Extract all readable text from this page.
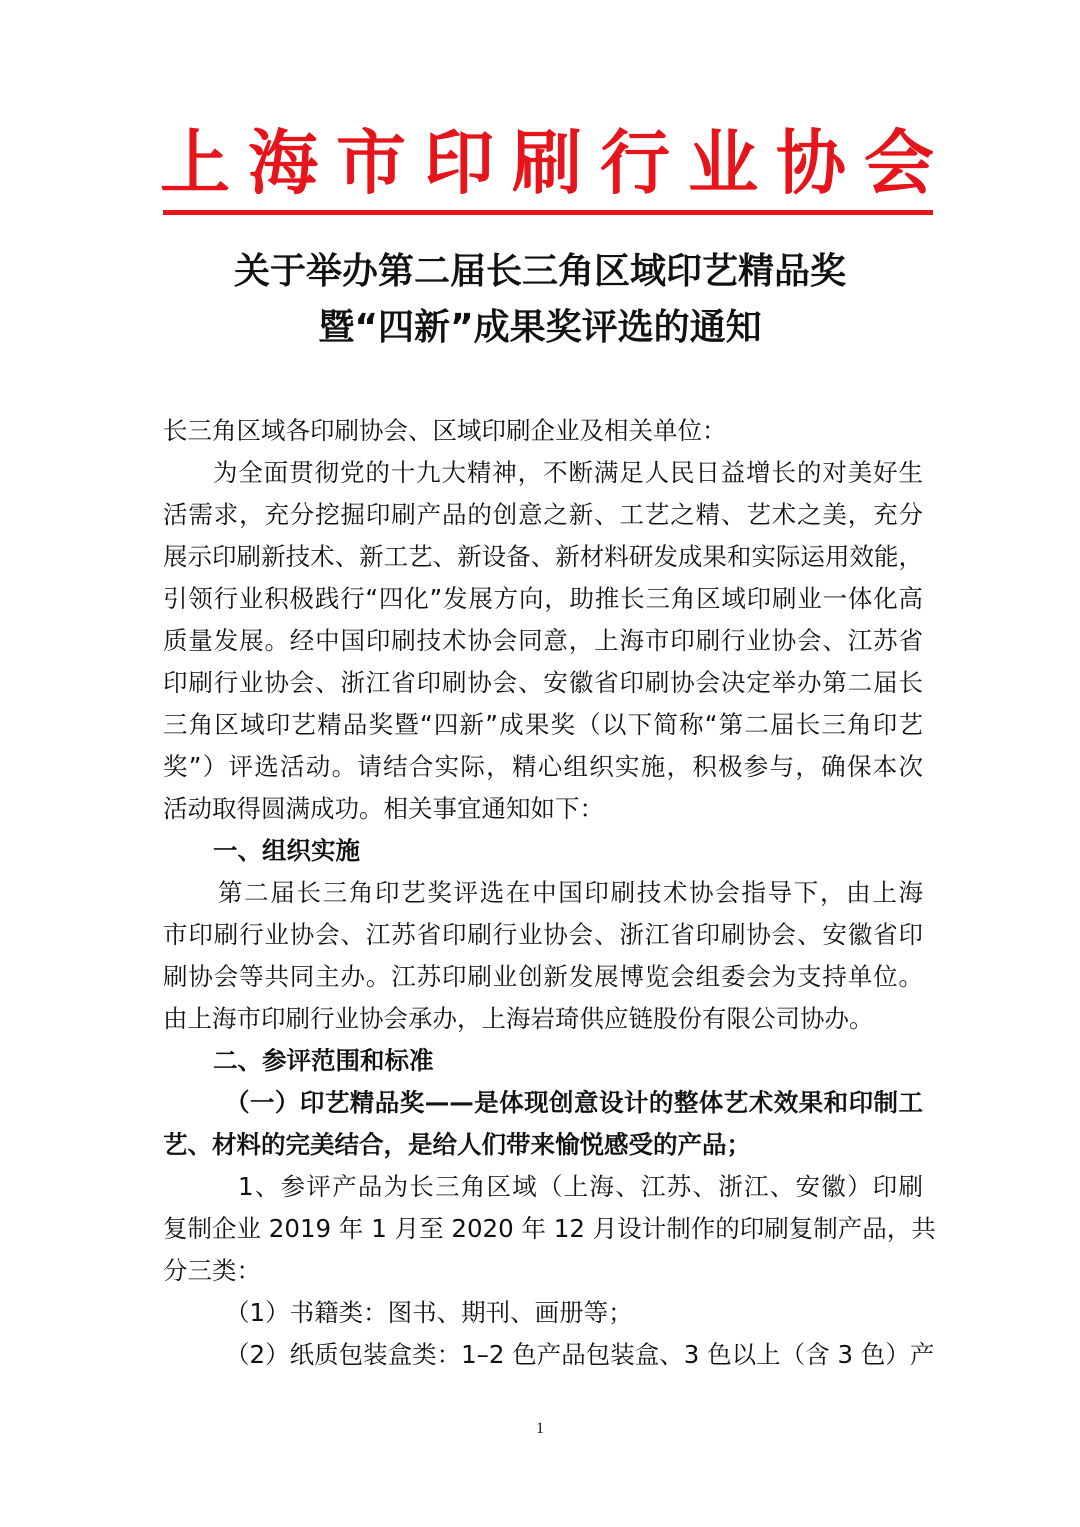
上海市印刷行业协会
关于举办第二届长三角区域印艺精品奖
暨“四新”成果奖评选的通知
长三角区域各印刷协会、区域印刷企业及相关单位：
为全面贯彻党的十九大精神，不断满足人民日益增长的对美好生
活需求，充分挖掘印刷产品的创意之新、工艺之精、艺术之美，充分
展示印刷新技术、新工艺、新设备、新材料研发成果和实际运用效能，
引领行业积极践行“四化”发展方向，助推长三角区域印刷业一体化高
质量发展。经中国印刷技术协会同意，上海市印刷行业协会、江苏省
印刷行业协会、浙江省印刷协会、安徽省印刷协会决定举办第二届长
三角区域印艺精品奖暨“四新”成果奖（以下简称“第二届长三角印艺
奖”）评选活动。请结合实际，精心组织实施，积极参与，确保本次
活动取得圆满成功。相关事宜通知如下：
一、组织实施
第二届长三角印艺奖评选在中国印刷技术协会指导下，由上海
市印刷行业协会、江苏省印刷行业协会、浙江省印刷协会、安徽省印
刷协会等共同主办。江苏印刷业创新发展博览会组委会为支持单位。
由上海市印刷行业协会承办，上海岩琦供应链股份有限公司协办。
二、参评范围和标准
（一）印艺精品奖——是体现创意设计的整体艺术效果和印制工
艺、材料的完美结合，是给人们带来愉悦感受的产品；
1、参评产品为长三角区域（上海、江苏、浙江、安徽）印刷
复制企业 2019 年 1 月至 2020 年 12 月设计制作的印刷复制产品，共
分三类：
（1）书籍类：图书、期刊、画册等；
（2）纸质包装盒类：1–2 色产品包装盒、3 色以上（含 3 色）产
1
